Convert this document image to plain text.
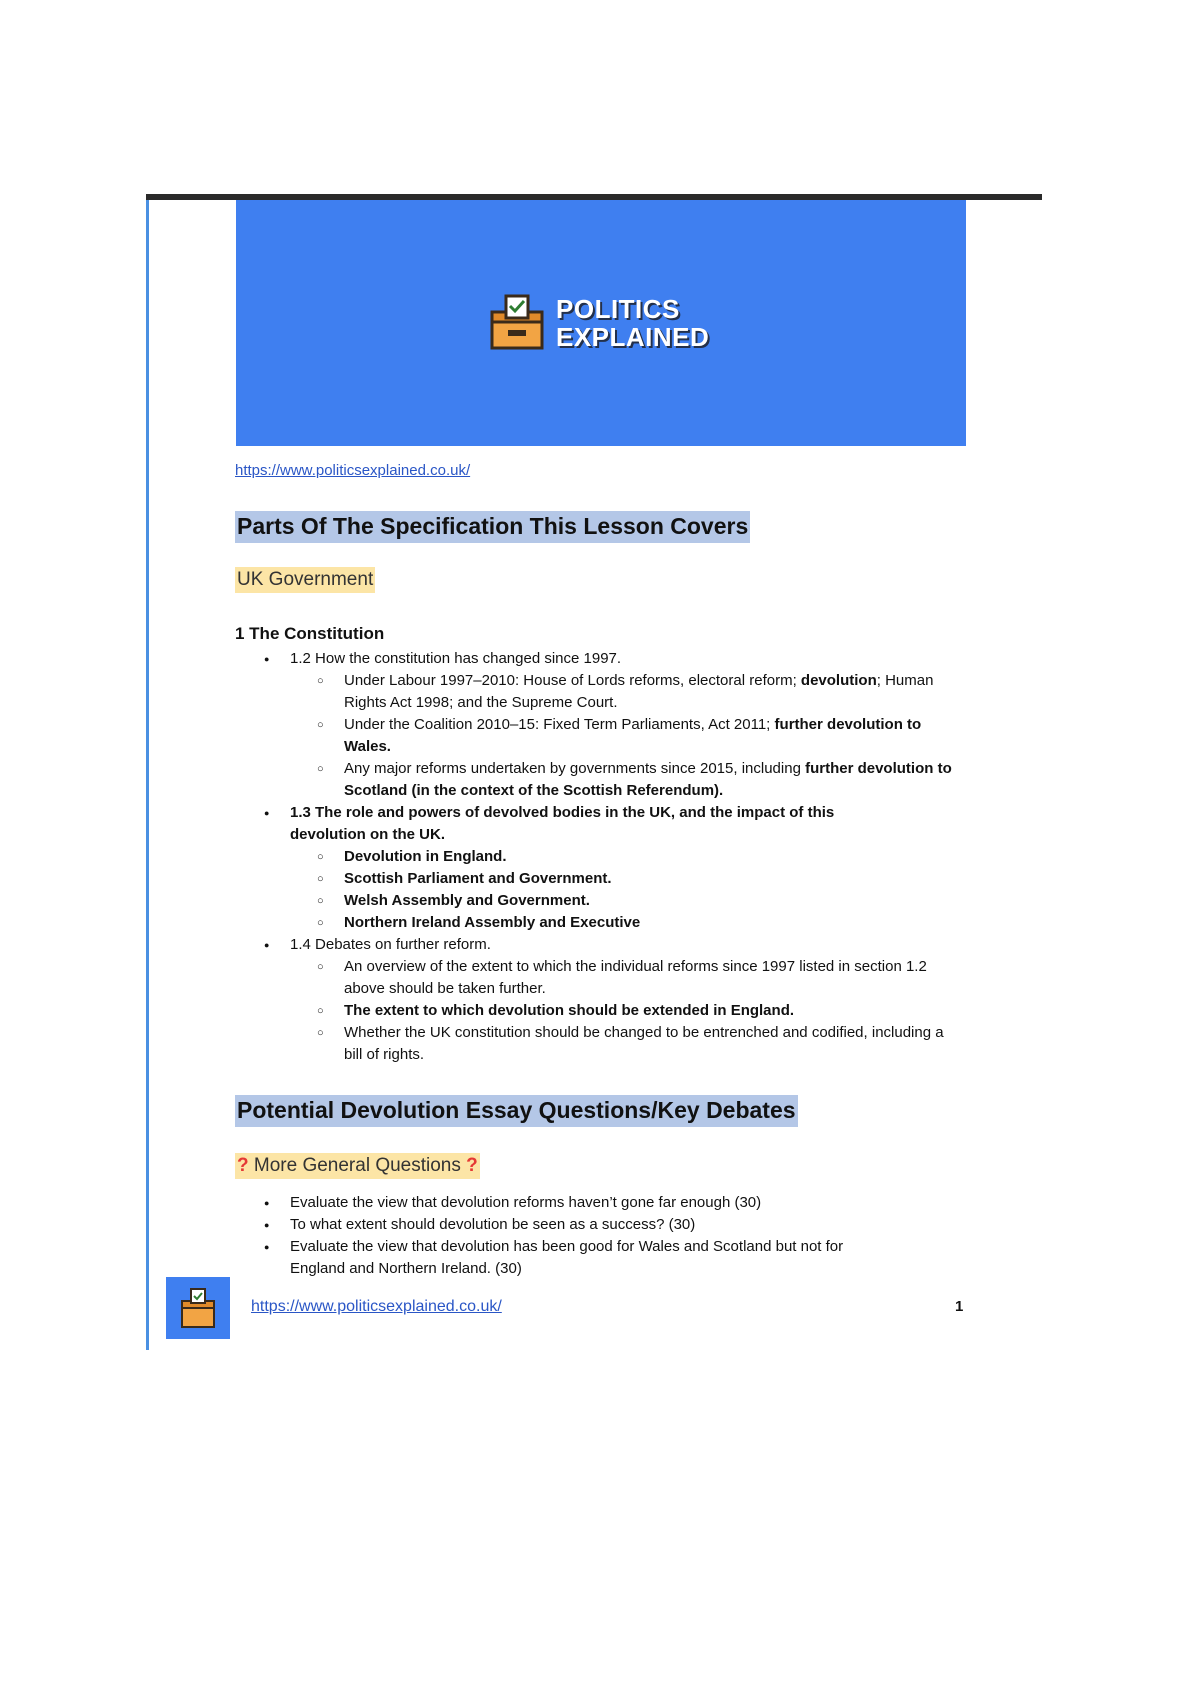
POLITICS
EXPLAINED
https://www.politicsexplained.co.uk/
Parts Of The Specification This Lesson Covers
UK Government
1 The Constitution
● 1.2 How the constitution has changed since 1997.
○ Under Labour 1997–2010: House of Lords reforms, electoral reform; devolution; Human Rights Act 1998; and the Supreme Court.
○ Under the Coalition 2010–15: Fixed Term Parliaments, Act 2011; further devolution to Wales.
○ Any major reforms undertaken by governments since 2015, including further devolution to Scotland (in the context of the Scottish Referendum).
● 1.3 The role and powers of devolved bodies in the UK, and the impact of this devolution on the UK.
○ Devolution in England.
○ Scottish Parliament and Government.
○ Welsh Assembly and Government.
○ Northern Ireland Assembly and Executive
● 1.4 Debates on further reform.
○ An overview of the extent to which the individual reforms since 1997 listed in section 1.2 above should be taken further.
○ The extent to which devolution should be extended in England.
○ Whether the UK constitution should be changed to be entrenched and codified, including a bill of rights.
Potential Devolution Essay Questions/Key Debates
? More General Questions ?
● Evaluate the view that devolution reforms haven’t gone far enough (30)
● To what extent should devolution be seen as a success? (30)
● Evaluate the view that devolution has been good for Wales and Scotland but not for England and Northern Ireland. (30)
https://www.politicsexplained.co.uk/	1
